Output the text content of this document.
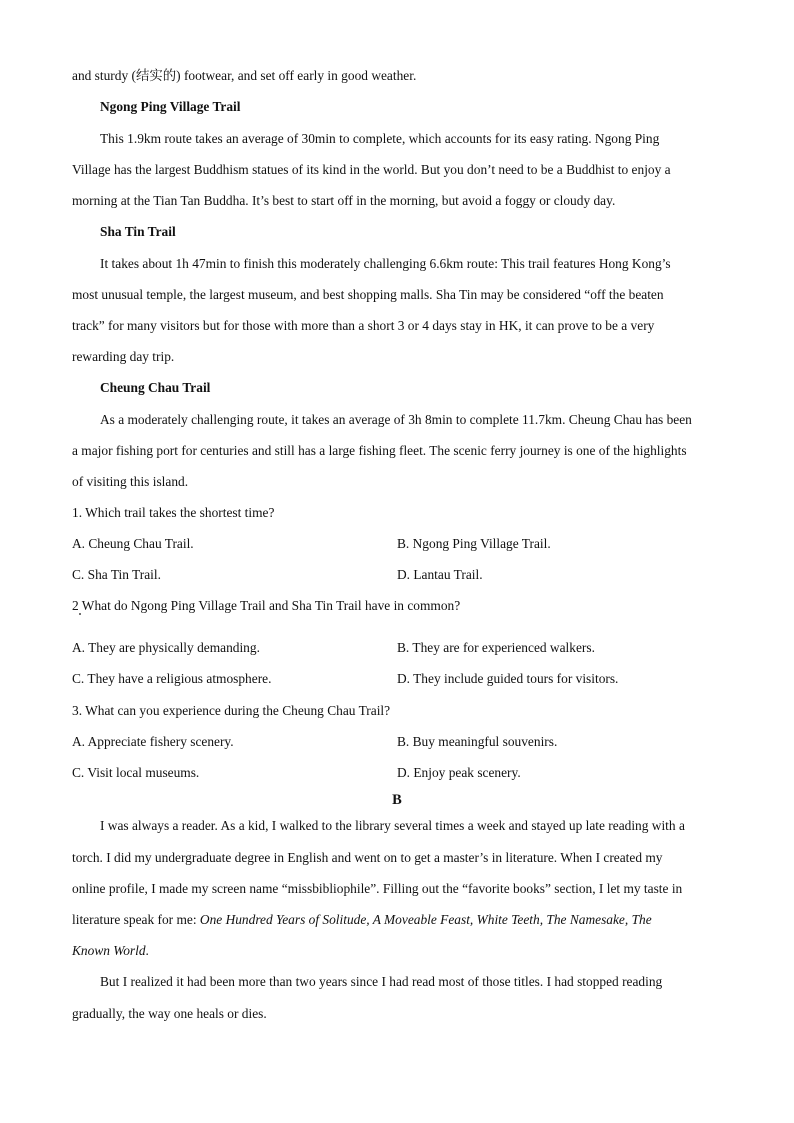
and sturdy (结实的) footwear, and set off early in good weather.
Ngong Ping Village Trail
This 1.9km route takes an average of 30min to complete, which accounts for its easy rating. Ngong Ping
Village has the largest Buddhism statues of its kind in the world. But you don’t need to be a Buddhist to enjoy a
morning at the Tian Tan Buddha. It’s best to start off in the morning, but avoid a foggy or cloudy day.
Sha Tin Trail
It takes about 1h 47min to finish this moderately challenging 6.6km route: This trail features Hong Kong’s
most unusual temple, the largest museum, and best shopping malls. Sha Tin may be considered “off the beaten
track” for many visitors but for those with more than a short 3 or 4 days stay in HK, it can prove to be a very
rewarding day trip.
Cheung Chau Trail
As a moderately challenging route, it takes an average of 3h 8min to complete 11.7km. Cheung Chau has been
a major fishing port for centuries and still has a large fishing fleet. The scenic ferry journey is one of the highlights
of visiting this island.
1. Which trail takes the shortest time?
A. Cheung Chau Trail.	B. Ngong Ping Village Trail.
C. Sha Tin Trail.	D. Lantau Trail.
2 What do Ngong Ping Village Trail and Sha Tin Trail have in common?
A. They are physically demanding.	B. They are for experienced walkers.
C. They have a religious atmosphere.	D. They include guided tours for visitors.
3. What can you experience during the Cheung Chau Trail?
A. Appreciate fishery scenery.	B. Buy meaningful souvenirs.
C. Visit local museums.	D. Enjoy peak scenery.
B
I was always a reader. As a kid, I walked to the library several times a week and stayed up late reading with a
torch. I did my undergraduate degree in English and went on to get a master’s in literature. When I created my
online profile, I made my screen name “missbibliophile”. Filling out the “favorite books” section, I let my taste in
literature speak for me: One Hundred Years of Solitude, A Moveable Feast, White Teeth, The Namesake, The
Known World.
But I realized it had been more than two years since I had read most of those titles. I had stopped reading
gradually, the way one heals or dies.
